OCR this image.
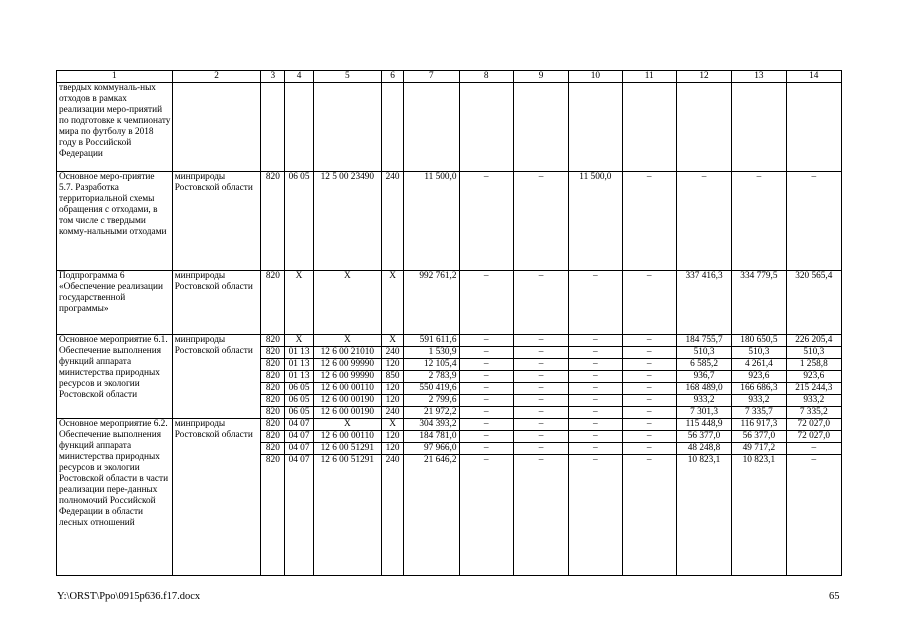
1	2	3	4	5	6	7	8	9	10	11	12	13	14
твердых коммуналь-ных отходов в рамках реализации меро-приятий по подготовке к чемпионату мира по футболу в 2018 году в Российской Федерации													
Основное меро-приятие 5.7. Разработка территориальной схемы обращения с отходами, в том числе с твердыми комму-нальными отходами	минприроды Ростовской области	820	06 05	12 5 00 23490	240	11 500,0	–	–	11 500,0	–	–	–	–
Подпрограмма 6 «Обеспечение реализации государственной программы»	минприроды Ростовской области	820	Х	Х	Х	992 761,2	–	–	–	–	337 416,3	334 779,5	320 565,4
Основное мероприятие 6.1. Обеспечение выполнения функций аппарата министерства природных ресурсов и экологии Ростовской области	минприроды Ростовской области	820	Х	Х	Х	591 611,6	–	–	–	–	184 755,7	180 650,5	226 205,4
		820	01 13	12 6 00 21010	240	1 530,9	–	–	–	–	510,3	510,3	510,3
		820	01 13	12 6 00 99990	120	12 105,4	–	–	–	–	6 585,2	4 261,4	1 258,8
		820	01 13	12 6 00 99990	850	2 783,9	–	–	–	–	936,7	923,6	923,6
		820	06 05	12 6 00 00110	120	550 419,6	–	–	–	–	168 489,0	166 686,3	215 244,3
		820	06 05	12 6 00 00190	120	2 799,6	–	–	–	–	933,2	933,2	933,2
		820	06 05	12 6 00 00190	240	21 972,2	–	–	–	–	7 301,3	7 335,7	7 335,2
Основное мероприятие 6.2. Обеспечение выполнения функций аппарата министерства природных ресурсов и экологии Ростовской области в части реализации пере-данных полномочий Российской Федерации в области лесных отношений	минприроды Ростовской области	820	04 07	Х	Х	304 393,2	–	–	–	–	115 448,9	116 917,3	72 027,0
		820	04 07	12 6 00 00110	120	184 781,0	–	–	–	–	56 377,0	56 377,0	72 027,0
		820	04 07	12 6 00 51291	120	97 966,0	–	–	–	–	48 248,8	49 717,2	–
		820	04 07	12 6 00 51291	240	21 646,2	–	–	–	–	10 823,1	10 823,1	–
Y:\ORST\Ppo\0915p636.f17.docx	65
